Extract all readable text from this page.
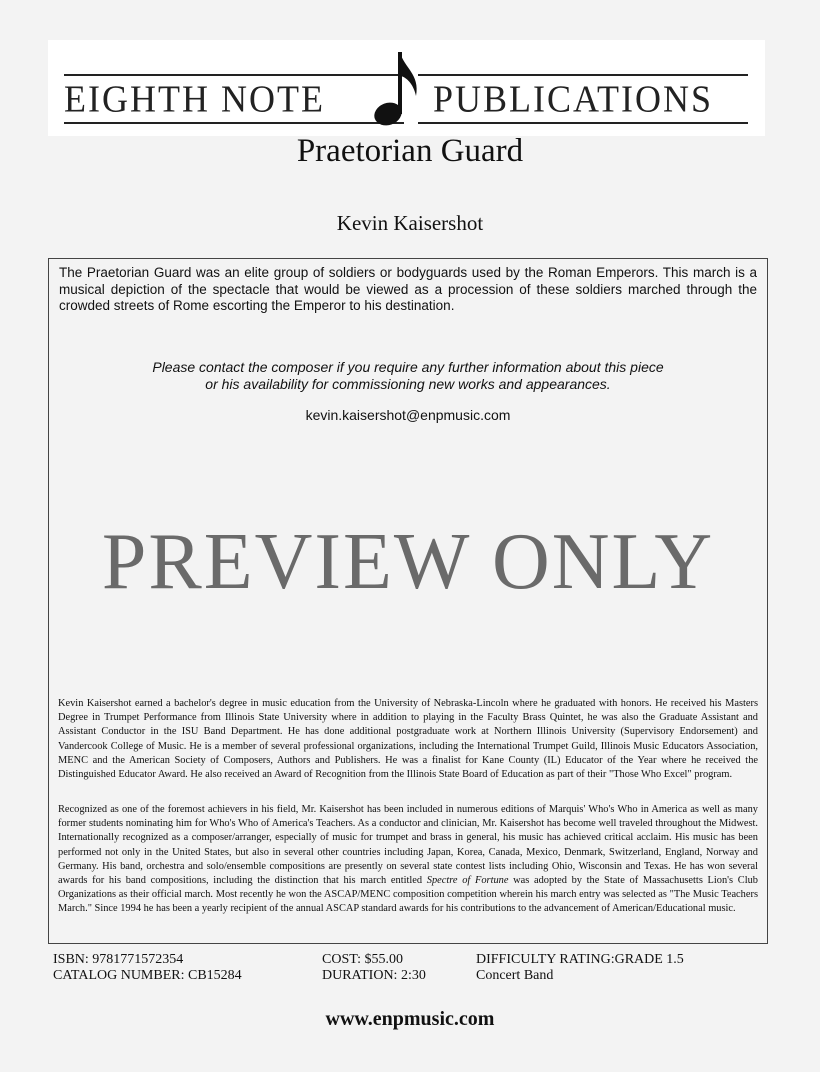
EIGHTH NOTE	PUBLICATIONS
Praetorian Guard
Kevin Kaisershot
The Praetorian Guard was an elite group of soldiers or bodyguards used by the Roman Emperors. This march is a musical depiction of the spectacle that would be viewed as a procession of these soldiers marched through the crowded streets of Rome escorting the Emperor to his destination.
Please contact the composer if you require any further information about this piece
or his availability for commissioning new works and appearances.
kevin.kaisershot@enpmusic.com
PREVIEW ONLY
Kevin Kaisershot earned a bachelor's degree in music education from the University of Nebraska-Lincoln where he graduated with honors. He received his Masters Degree in Trumpet Performance from Illinois State University where in addition to playing in the Faculty Brass Quintet, he was also the Graduate Assistant and Assistant Conductor in the ISU Band Department. He has done additional postgraduate work at Northern Illinois University (Supervisory Endorsement) and Vandercook College of Music. He is a member of several professional organizations, including the International Trumpet Guild, Illinois Music Educators Association, MENC and the American Society of Composers, Authors and Publishers. He was a finalist for Kane County (IL) Educator of the Year where he received the Distinguished Educator Award. He also received an Award of Recognition from the Illinois State Board of Education as part of their "Those Who Excel" program.
Recognized as one of the foremost achievers in his field, Mr. Kaisershot has been included in numerous editions of Marquis' Who's Who in America as well as many former students nominating him for Who's Who of America's Teachers. As a conductor and clinician, Mr. Kaisershot has become well traveled throughout the Midwest. Internationally recognized as a composer/arranger, especially of music for trumpet and brass in general, his music has achieved critical acclaim. His music has been performed not only in the United States, but also in several other countries including Japan, Korea, Canada, Mexico, Denmark, Switzerland, England, Norway and Germany. His band, orchestra and solo/ensemble compositions are presently on several state contest lists including Ohio, Wisconsin and Texas. He has won several awards for his band compositions, including the distinction that his march entitled Spectre of Fortune was adopted by the State of Massachusetts Lion's Club Organizations as their official march. Most recently he won the ASCAP/MENC composition competition wherein his march entry was selected as "The Music Teachers March." Since 1994 he has been a yearly recipient of the annual ASCAP standard awards for his contributions to the advancement of American/Educational music.
ISBN: 9781771572354
CATALOG NUMBER: CB15284
COST: $55.00
DURATION: 2:30
DIFFICULTY RATING:GRADE 1.5
Concert Band
www.enpmusic.com
